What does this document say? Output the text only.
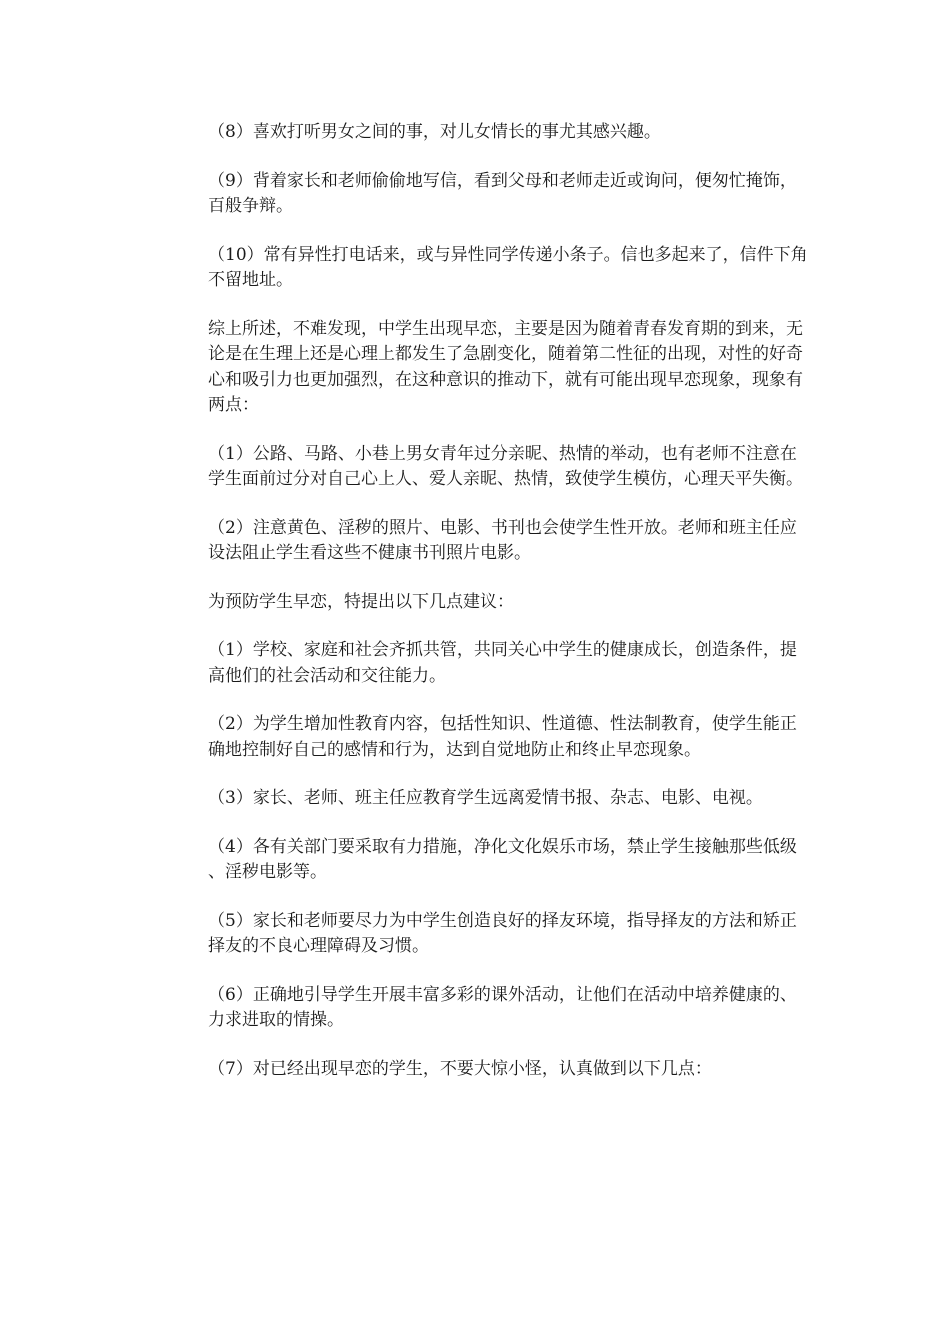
（8）喜欢打听男女之间的事，对儿女情长的事尤其感兴趣。

（9）背着家长和老师偷偷地写信，看到父母和老师走近或询问，便匆忙掩饰，百般争辩。

（10）常有异性打电话来，或与异性同学传递小条子。信也多起来了，信件下角不留地址。

综上所述，不难发现，中学生出现早恋，主要是因为随着青春发育期的到来，无论是在生理上还是心理上都发生了急剧变化，随着第二性征的出现，对性的好奇心和吸引力也更加强烈，在这种意识的推动下，就有可能出现早恋现象，现象有两点：

（1）公路、马路、小巷上男女青年过分亲昵、热情的举动，也有老师不注意在学生面前过分对自己心上人、爱人亲昵、热情，致使学生模仿，心理天平失衡。

（2）注意黄色、淫秽的照片、电影、书刊也会使学生性开放。老师和班主任应设法阻止学生看这些不健康书刊照片电影。

为预防学生早恋，特提出以下几点建议：

（1）学校、家庭和社会齐抓共管，共同关心中学生的健康成长，创造条件，提高他们的社会活动和交往能力。

（2）为学生增加性教育内容，包括性知识、性道德、性法制教育，使学生能正确地控制好自己的感情和行为，达到自觉地防止和终止早恋现象。

（3）家长、老师、班主任应教育学生远离爱情书报、杂志、电影、电视。

（4）各有关部门要采取有力措施，净化文化娱乐市场，禁止学生接触那些低级、淫秽电影等。

（5）家长和老师要尽力为中学生创造良好的择友环境，指导择友的方法和矫正择友的不良心理障碍及习惯。

（6）正确地引导学生开展丰富多彩的课外活动，让他们在活动中培养健康的、力求进取的情操。

（7）对已经出现早恋的学生，不要大惊小怪，认真做到以下几点：
